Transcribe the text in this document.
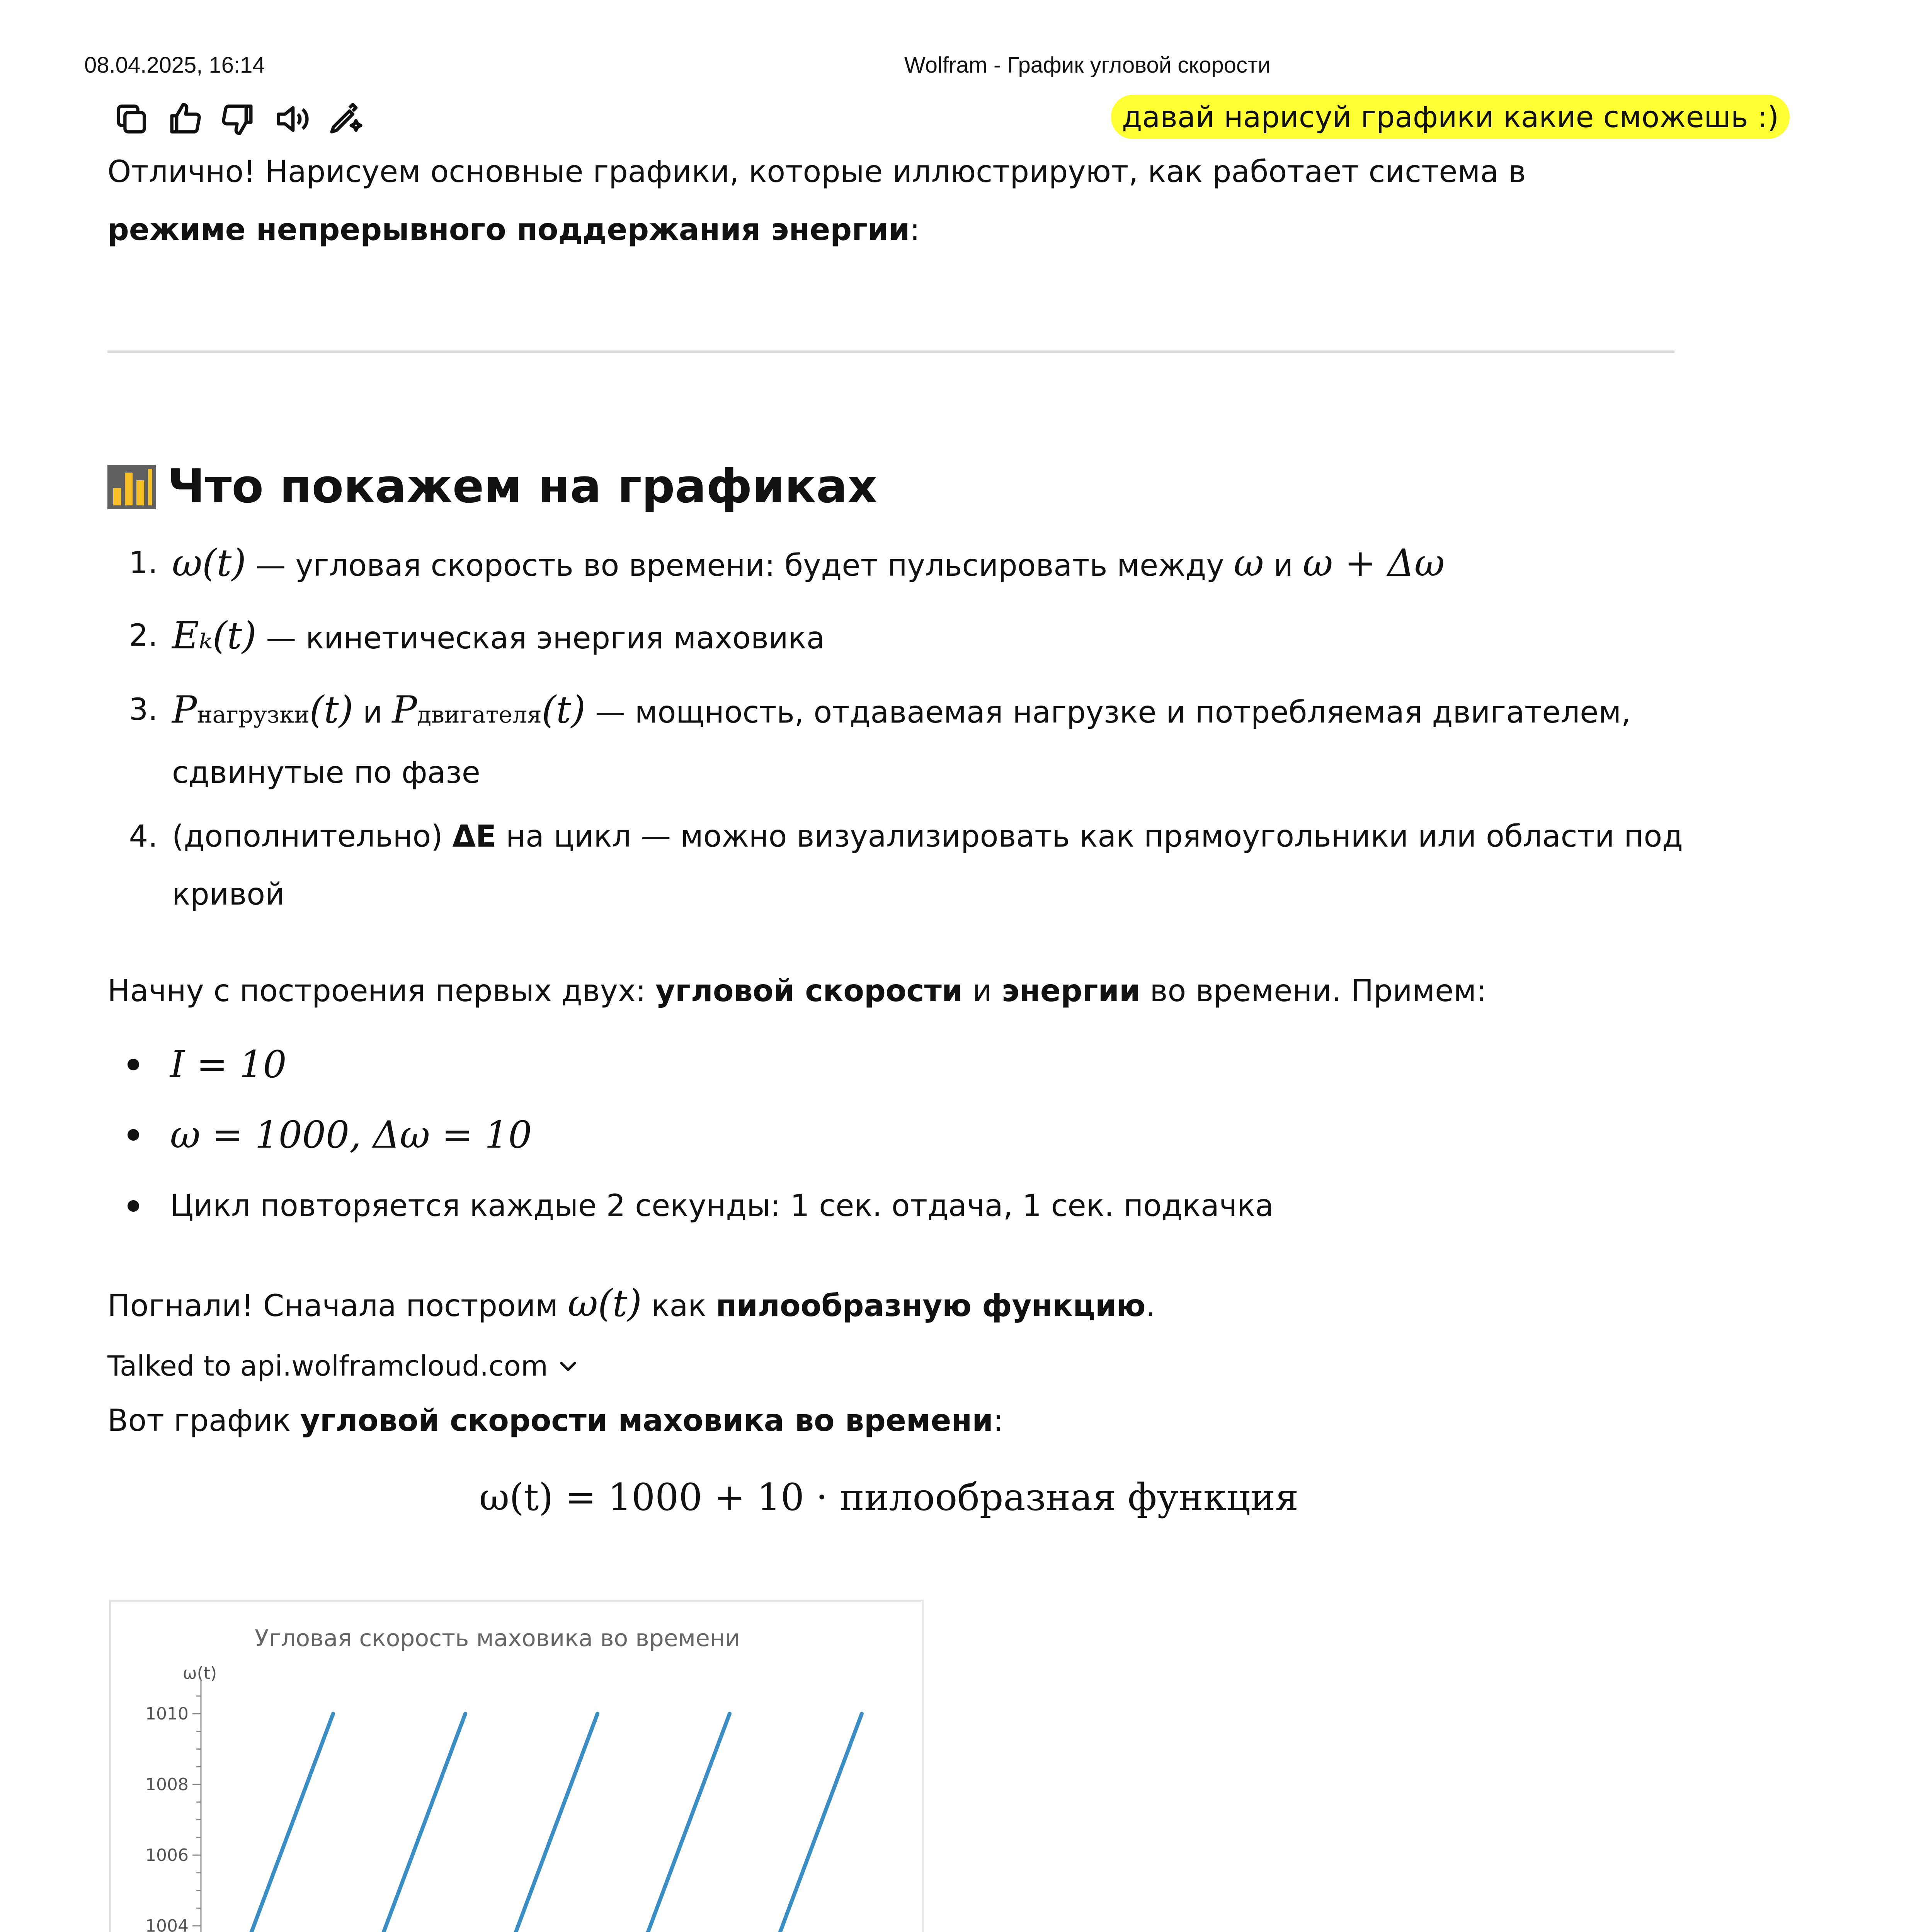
08.04.2025, 16:14	Wolfram - График угловой скорости
давай нарисуй графики какие сможешь :)
Отлично! Нарисуем основные графики, которые иллюстрируют, как работает система в режиме непрерывного поддержания энергии:
Что покажем на графиках
1. ω(t) — угловая скорость во времени: будет пульсировать между ω и ω + Δω
2. Eₖ(t) — кинетическая энергия маховика
3. Pнагрузки(t) и Pдвигателя(t) — мощность, отдаваемая нагрузке и потребляемая двигателем,
сдвинутые по фазе
4. (дополнительно) ΔE на цикл — можно визуализировать как прямоугольники или области под
кривой
Начну с построения первых двух: угловой скорости и энергии во времени. Примем:
I = 10
ω = 1000, Δω = 10
Цикл повторяется каждые 2 секунды: 1 сек. отдача, 1 сек. подкачка
Погнали! Сначала построим ω(t) как пилообразную функцию.
Talked to api.wolframcloud.com
Вот график угловой скорости маховика во времени:
ω(t) = 1000 + 10 · пилообразная функция
Угловая скорость маховика во времени
ω(t)
1004
1006
1008
1010
